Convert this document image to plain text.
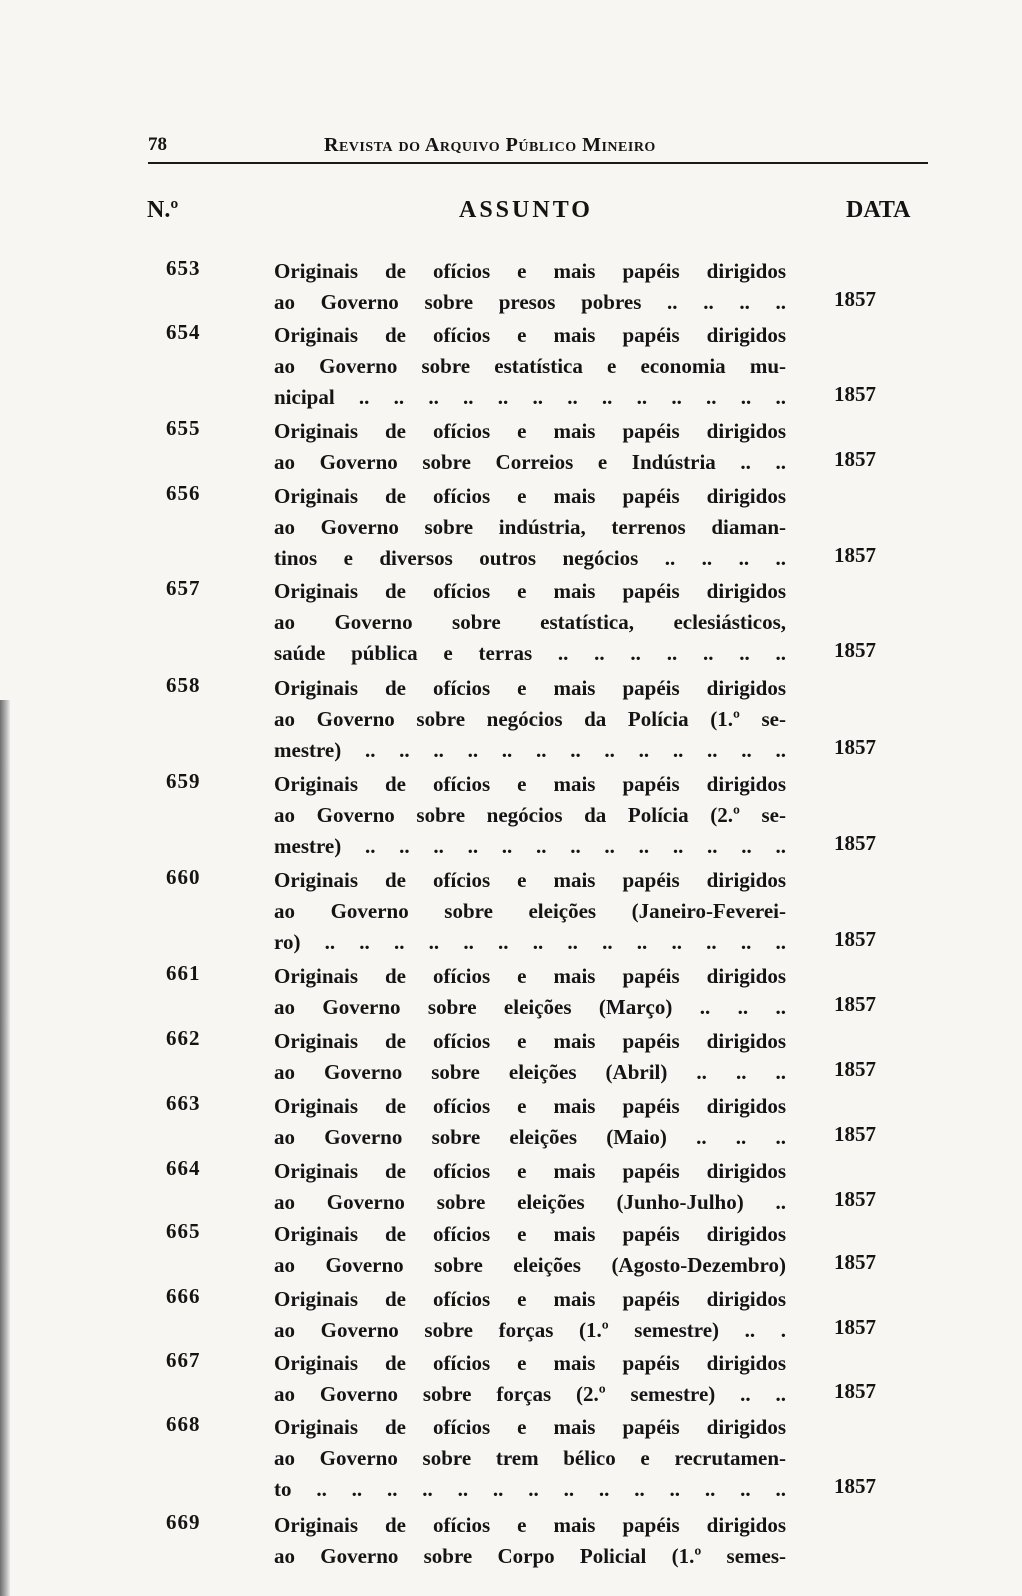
78	Revista do Arquivo Público Mineiro
N.º	ASSUNTO	DATA
653	Originais de ofícios e mais papéis dirigidos
ao Governo sobre presos pobres .. .. .. .. 1857
654	Originais de ofícios e mais papéis dirigidos
ao Governo sobre estatística e economia mu-
nicipal .. .. .. .. .. .. .. .. .. .. .. .. .. 1857
655	Originais de ofícios e mais papéis dirigidos
ao Governo sobre Correios e Indústria .. .. 1857
656	Originais de ofícios e mais papéis dirigidos
ao Governo sobre indústria, terrenos diaman-
tinos e diversos outros negócios .. .. .. .. 1857
657	Originais de ofícios e mais papéis dirigidos
ao Governo sobre estatística, eclesiásticos,
saúde pública e terras .. .. .. .. .. .. .. 1857
658	Originais de ofícios e mais papéis dirigidos
ao Governo sobre negócios da Polícia (1.º se-
mestre) .. .. .. .. .. .. .. .. .. .. .. .. .. 1857
659	Originais de ofícios e mais papéis dirigidos
ao Governo sobre negócios da Polícia (2.º se-
mestre) .. .. .. .. .. .. .. .. .. .. .. .. .. 1857
660	Originais de ofícios e mais papéis dirigidos
ao Governo sobre eleições (Janeiro-Feverei-
ro) .. .. .. .. .. .. .. .. .. .. .. .. .. .. 1857
661	Originais de ofícios e mais papéis dirigidos
ao Governo sobre eleições (Março) .. .. .. 1857
662	Originais de ofícios e mais papéis dirigidos
ao Governo sobre eleições (Abril) .. .. .. 1857
663	Originais de ofícios e mais papéis dirigidos
ao Governo sobre eleições (Maio) .. .. .. 1857
664	Originais de ofícios e mais papéis dirigidos
ao Governo sobre eleições (Junho-Julho) .. 1857
665	Originais de ofícios e mais papéis dirigidos
ao Governo sobre eleições (Agosto-Dezembro) 1857
666	Originais de ofícios e mais papéis dirigidos
ao Governo sobre forças (1.º semestre) .. . 1857
667	Originais de ofícios e mais papéis dirigidos
ao Governo sobre forças (2.º semestre) .. .. 1857
668	Originais de ofícios e mais papéis dirigidos
ao Governo sobre trem bélico e recrutamen-
to .. .. .. .. .. .. .. .. .. .. .. .. .. .. 1857
669	Originais de ofícios e mais papéis dirigidos
ao Governo sobre Corpo Policial (1.º semes-
